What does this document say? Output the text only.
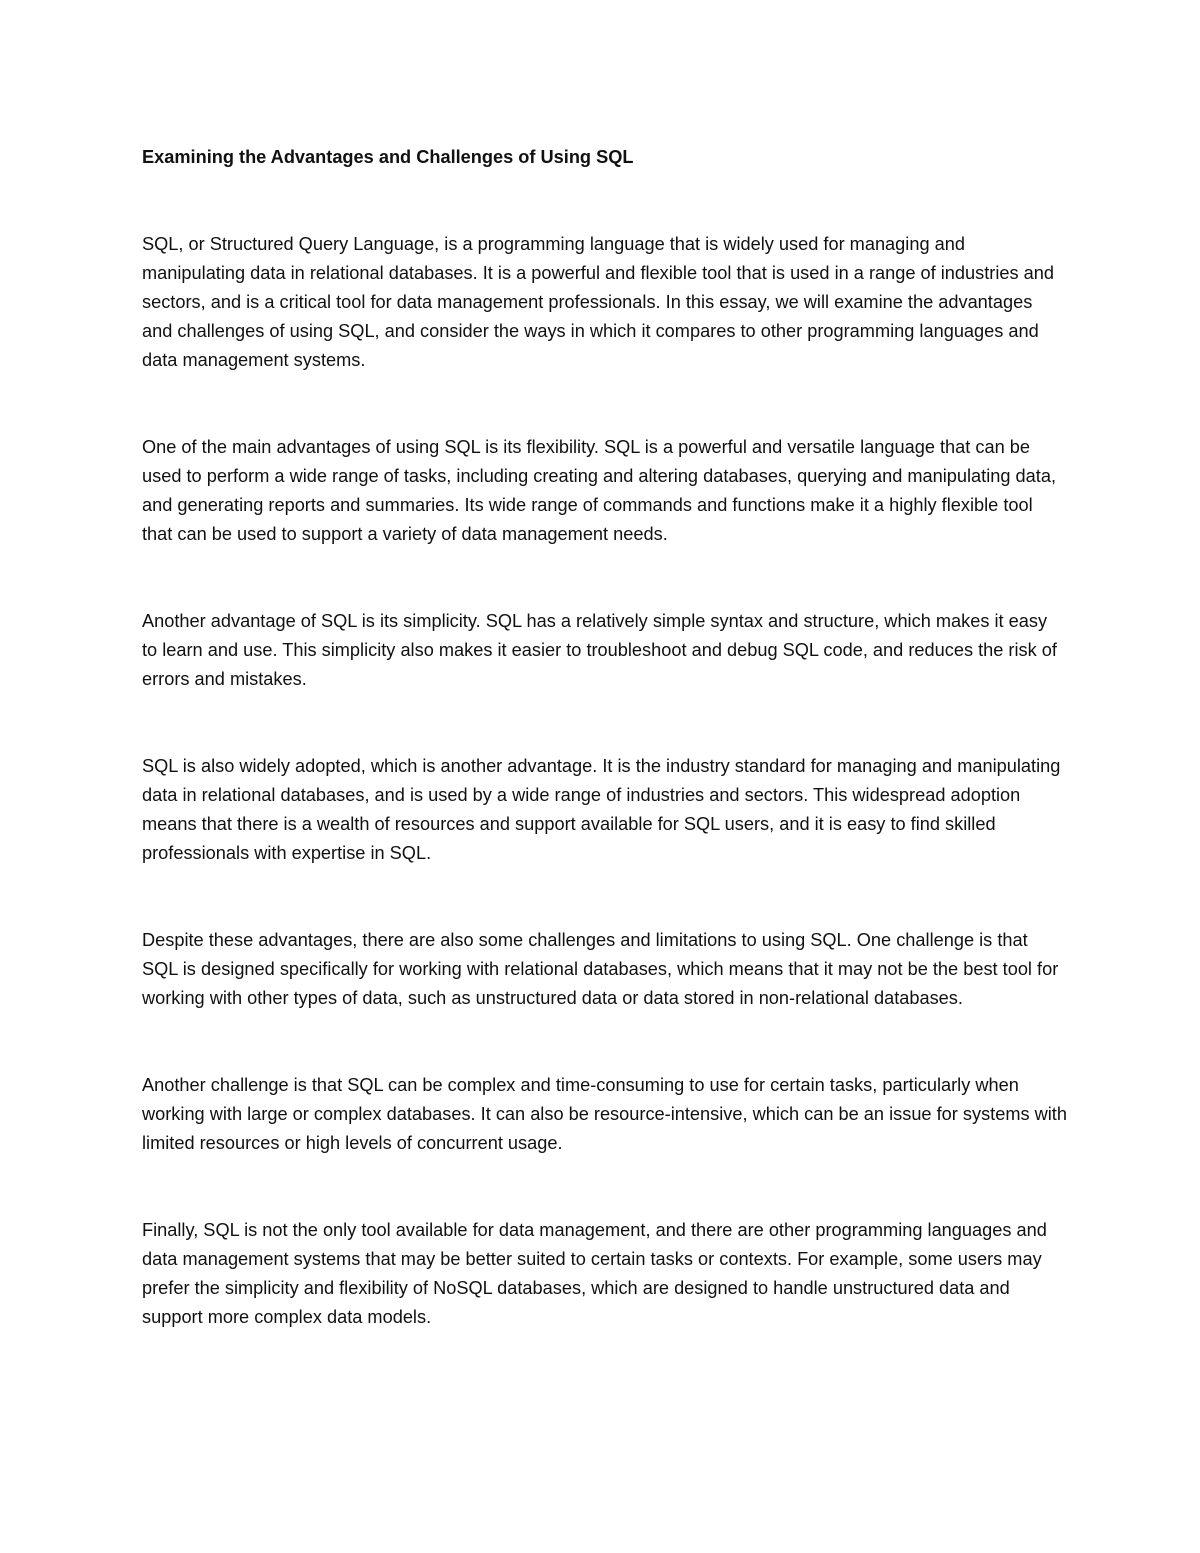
Examining the Advantages and Challenges of Using SQL

SQL, or Structured Query Language, is a programming language that is widely used for managing and manipulating data in relational databases. It is a powerful and flexible tool that is used in a range of industries and sectors, and is a critical tool for data management professionals. In this essay, we will examine the advantages and challenges of using SQL, and consider the ways in which it compares to other programming languages and data management systems.

One of the main advantages of using SQL is its flexibility. SQL is a powerful and versatile language that can be used to perform a wide range of tasks, including creating and altering databases, querying and manipulating data, and generating reports and summaries. Its wide range of commands and functions make it a highly flexible tool that can be used to support a variety of data management needs.

Another advantage of SQL is its simplicity. SQL has a relatively simple syntax and structure, which makes it easy to learn and use. This simplicity also makes it easier to troubleshoot and debug SQL code, and reduces the risk of errors and mistakes.

SQL is also widely adopted, which is another advantage. It is the industry standard for managing and manipulating data in relational databases, and is used by a wide range of industries and sectors. This widespread adoption means that there is a wealth of resources and support available for SQL users, and it is easy to find skilled professionals with expertise in SQL.

Despite these advantages, there are also some challenges and limitations to using SQL. One challenge is that SQL is designed specifically for working with relational databases, which means that it may not be the best tool for working with other types of data, such as unstructured data or data stored in non-relational databases.

Another challenge is that SQL can be complex and time-consuming to use for certain tasks, particularly when working with large or complex databases. It can also be resource-intensive, which can be an issue for systems with limited resources or high levels of concurrent usage.

Finally, SQL is not the only tool available for data management, and there are other programming languages and data management systems that may be better suited to certain tasks or contexts. For example, some users may prefer the simplicity and flexibility of NoSQL databases, which are designed to handle unstructured data and support more complex data models.
